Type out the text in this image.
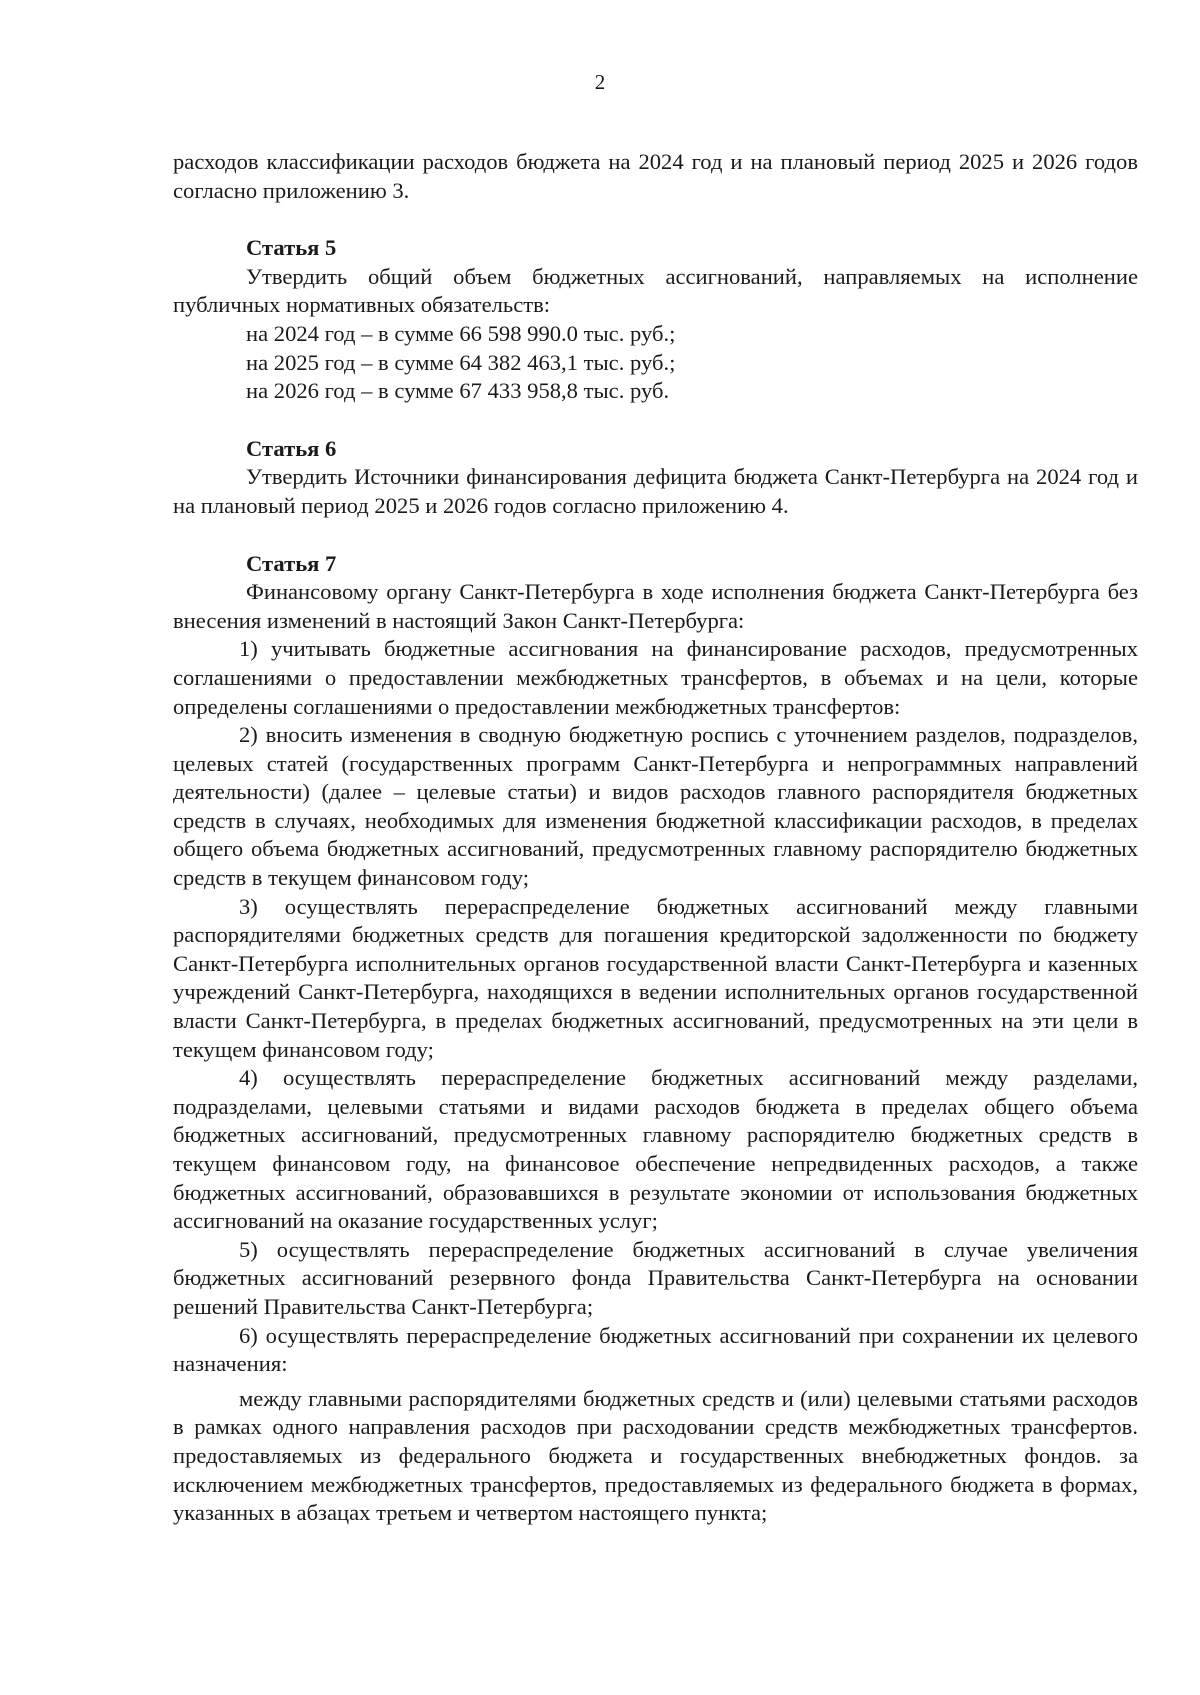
2

расходов классификации расходов бюджета на 2024 год и на плановый период 2025 и 2026 годов согласно приложению 3.

Статья 5

Утвердить общий объем бюджетных ассигнований, направляемых на исполнение публичных нормативных обязательств:

на 2024 год – в сумме 66 598 990.0 тыс. руб.;

на 2025 год – в сумме 64 382 463,1 тыс. руб.;

на 2026 год – в сумме 67 433 958,8 тыс. руб.

Статья 6

Утвердить Источники финансирования дефицита бюджета Санкт-Петербурга на 2024 год и на плановый период 2025 и 2026 годов согласно приложению 4.

Статья 7

Финансовому органу Санкт-Петербурга в ходе исполнения бюджета Санкт-Петербурга без внесения изменений в настоящий Закон Санкт-Петербурга:

1) учитывать бюджетные ассигнования на финансирование расходов, предусмотренных соглашениями о предоставлении межбюджетных трансфертов, в объемах и на цели, которые определены соглашениями о предоставлении межбюджетных трансфертов:

2) вносить изменения в сводную бюджетную роспись с уточнением разделов, подразделов, целевых статей (государственных программ Санкт-Петербурга и непрограммных направлений деятельности) (далее – целевые статьи) и видов расходов главного распорядителя бюджетных средств в случаях, необходимых для изменения бюджетной классификации расходов, в пределах общего объема бюджетных ассигнований, предусмотренных главному распорядителю бюджетных средств в текущем финансовом году;

3) осуществлять перераспределение бюджетных ассигнований между главными распорядителями бюджетных средств для погашения кредиторской задолженности по бюджету Санкт-Петербурга исполнительных органов государственной власти Санкт-Петербурга и казенных учреждений Санкт-Петербурга, находящихся в ведении исполнительных органов государственной власти Санкт-Петербурга, в пределах бюджетных ассигнований, предусмотренных на эти цели в текущем финансовом году;

4) осуществлять перераспределение бюджетных ассигнований между разделами, подразделами, целевыми статьями и видами расходов бюджета в пределах общего объема бюджетных ассигнований, предусмотренных главному распорядителю бюджетных средств в текущем финансовом году, на финансовое обеспечение непредвиденных расходов, а также бюджетных ассигнований, образовавшихся в результате экономии от использования бюджетных ассигнований на оказание государственных услуг;

5) осуществлять перераспределение бюджетных ассигнований в случае увеличения бюджетных ассигнований резервного фонда Правительства Санкт-Петербурга на основании решений Правительства Санкт-Петербурга;

6) осуществлять перераспределение бюджетных ассигнований при сохранении их целевого назначения:

между главными распорядителями бюджетных средств и (или) целевыми статьями расходов в рамках одного направления расходов при расходовании средств межбюджетных трансфертов. предоставляемых из федерального бюджета и государственных внебюджетных фондов. за исключением межбюджетных трансфертов, предоставляемых из федерального бюджета в формах, указанных в абзацах третьем и четвертом настоящего пункта;
